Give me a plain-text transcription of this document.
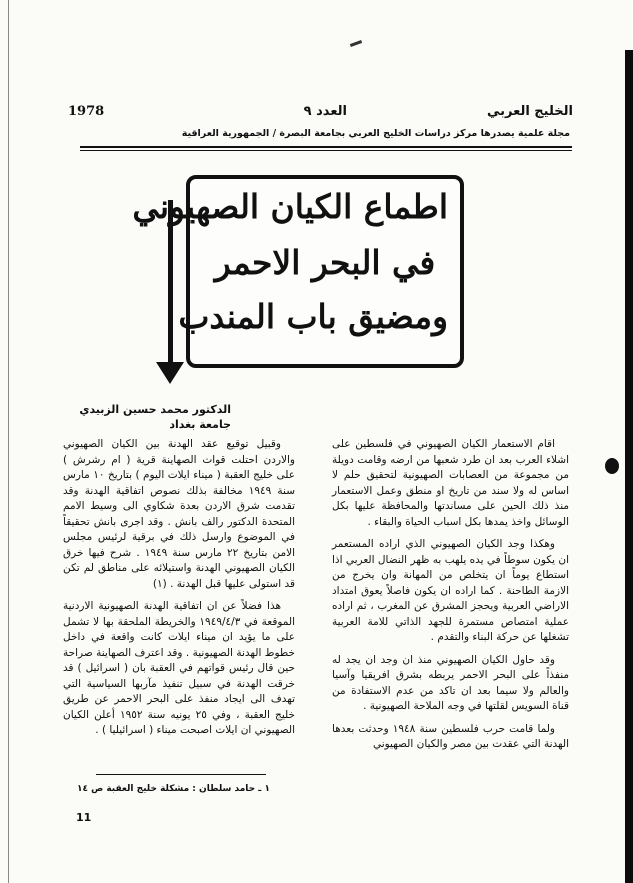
الخليج العربي
العدد ٩
1978
مجلة علمية يصدرها مركز دراسات الخليج العربي بجامعة البصرة / الجمهورية العراقية
اطماع الكيان الصهيوني
في البحر الاحمر
ومضيق باب المندب
الدكتور محمد حسين الزبيدي
جامعة بغداد

اقام الاستعمار الكيان الصهيوني في فلسطين على اشلاء العرب بعد ان طرد شعبها من ارضه وقامت دويلة من مجموعة من العصابات الصهيونية لتحقيق حلم لا اساس له ولا سند من تاريخ او منطق وعمل الاستعمار منذ ذلك الحين على مساندتها والمحافظة عليها بكل الوسائل واخذ يمدها بكل اسباب الحياة والبقاء .

وهكذا وجد الكيان الصهيوني الذي اراده المستعمر ان يكون سوطاً في يده يلهب به ظهر النضال العربي اذا استطاع يوماً ان يتخلص من المهانة وان يخرج من الازمة الطاحنة . كما اراده ان يكون فاصلاً يعوق امتداد الاراضي العربية ويحجز المشرق عن المغرب ، ثم اراده عملية امتصاص مستمرة للجهد الذاتي للامة العربية تشغلها عن حركة البناء والتقدم .

وقد حاول الكيان الصهيوني منذ ان وجد ان يجد له منفذاً على البحر الاحمر يربطه بشرق افريقيا وآسيا والعالم ولا سيما بعد ان تاكد من عدم الاستفادة من قناة السويس لقلتها في وجه الملاحة الصهيونية .

ولما قامت حرب فلسطين سنة ١٩٤٨ وحدثت بعدها الهدنة التي عقدت بين مصر والكيان الصهيوني

وقبيل توقيع عقد الهدنة بين الكيان الصهيوني والاردن احتلت قوات الصهاينة قرية ( ام رشرش ) على خليج العقبة ( ميناء ايلات اليوم ) بتاريخ ١٠ مارس سنة ١٩٤٩ مخالفة بذلك نصوص اتفاقية الهدنة وقد تقدمت شرق الاردن بعدة شكاوي الى وسيط الامم المتحدة الدكتور رالف بانش . وقد اجرى بانش تحقيقاً في الموضوع وارسل ذلك في برقية لرئيس مجلس الامن بتاريخ ٢٢ مارس سنة ١٩٤٩ . شرح فيها خرق الكيان الصهيوني الهدنة واستيلائه على مناطق لم تكن قد استولى عليها قبل الهدنة . (١)

هذا فضلاً عن ان اتفاقية الهدنة الصهيونية الاردنية الموقعة في ١٩٤٩/٤/٣ والخريطة الملحقة بها لا تشمل على ما يؤيد ان ميناء ايلات كانت واقعة في داخل خطوط الهدنة الصهيونية . وقد اعترف الصهاينة صراحة حين قال رئيس قواتهم في العقبة بان ( اسرائيل ) قد خرقت الهدنة في سبيل تنفيذ مآربها السياسية التي تهدف الى ايجاد منفذ على البحر الاحمر عن طريق خليج العقبة ، وفي ٢٥ يونيه سنة ١٩٥٢ أعلن الكيان الصهيوني ان ايلات اصبحت ميناء ( اسرائيليا ) .

١ ـ حامد سلطان : مشكلة خليج العقبة ص ١٤
11
